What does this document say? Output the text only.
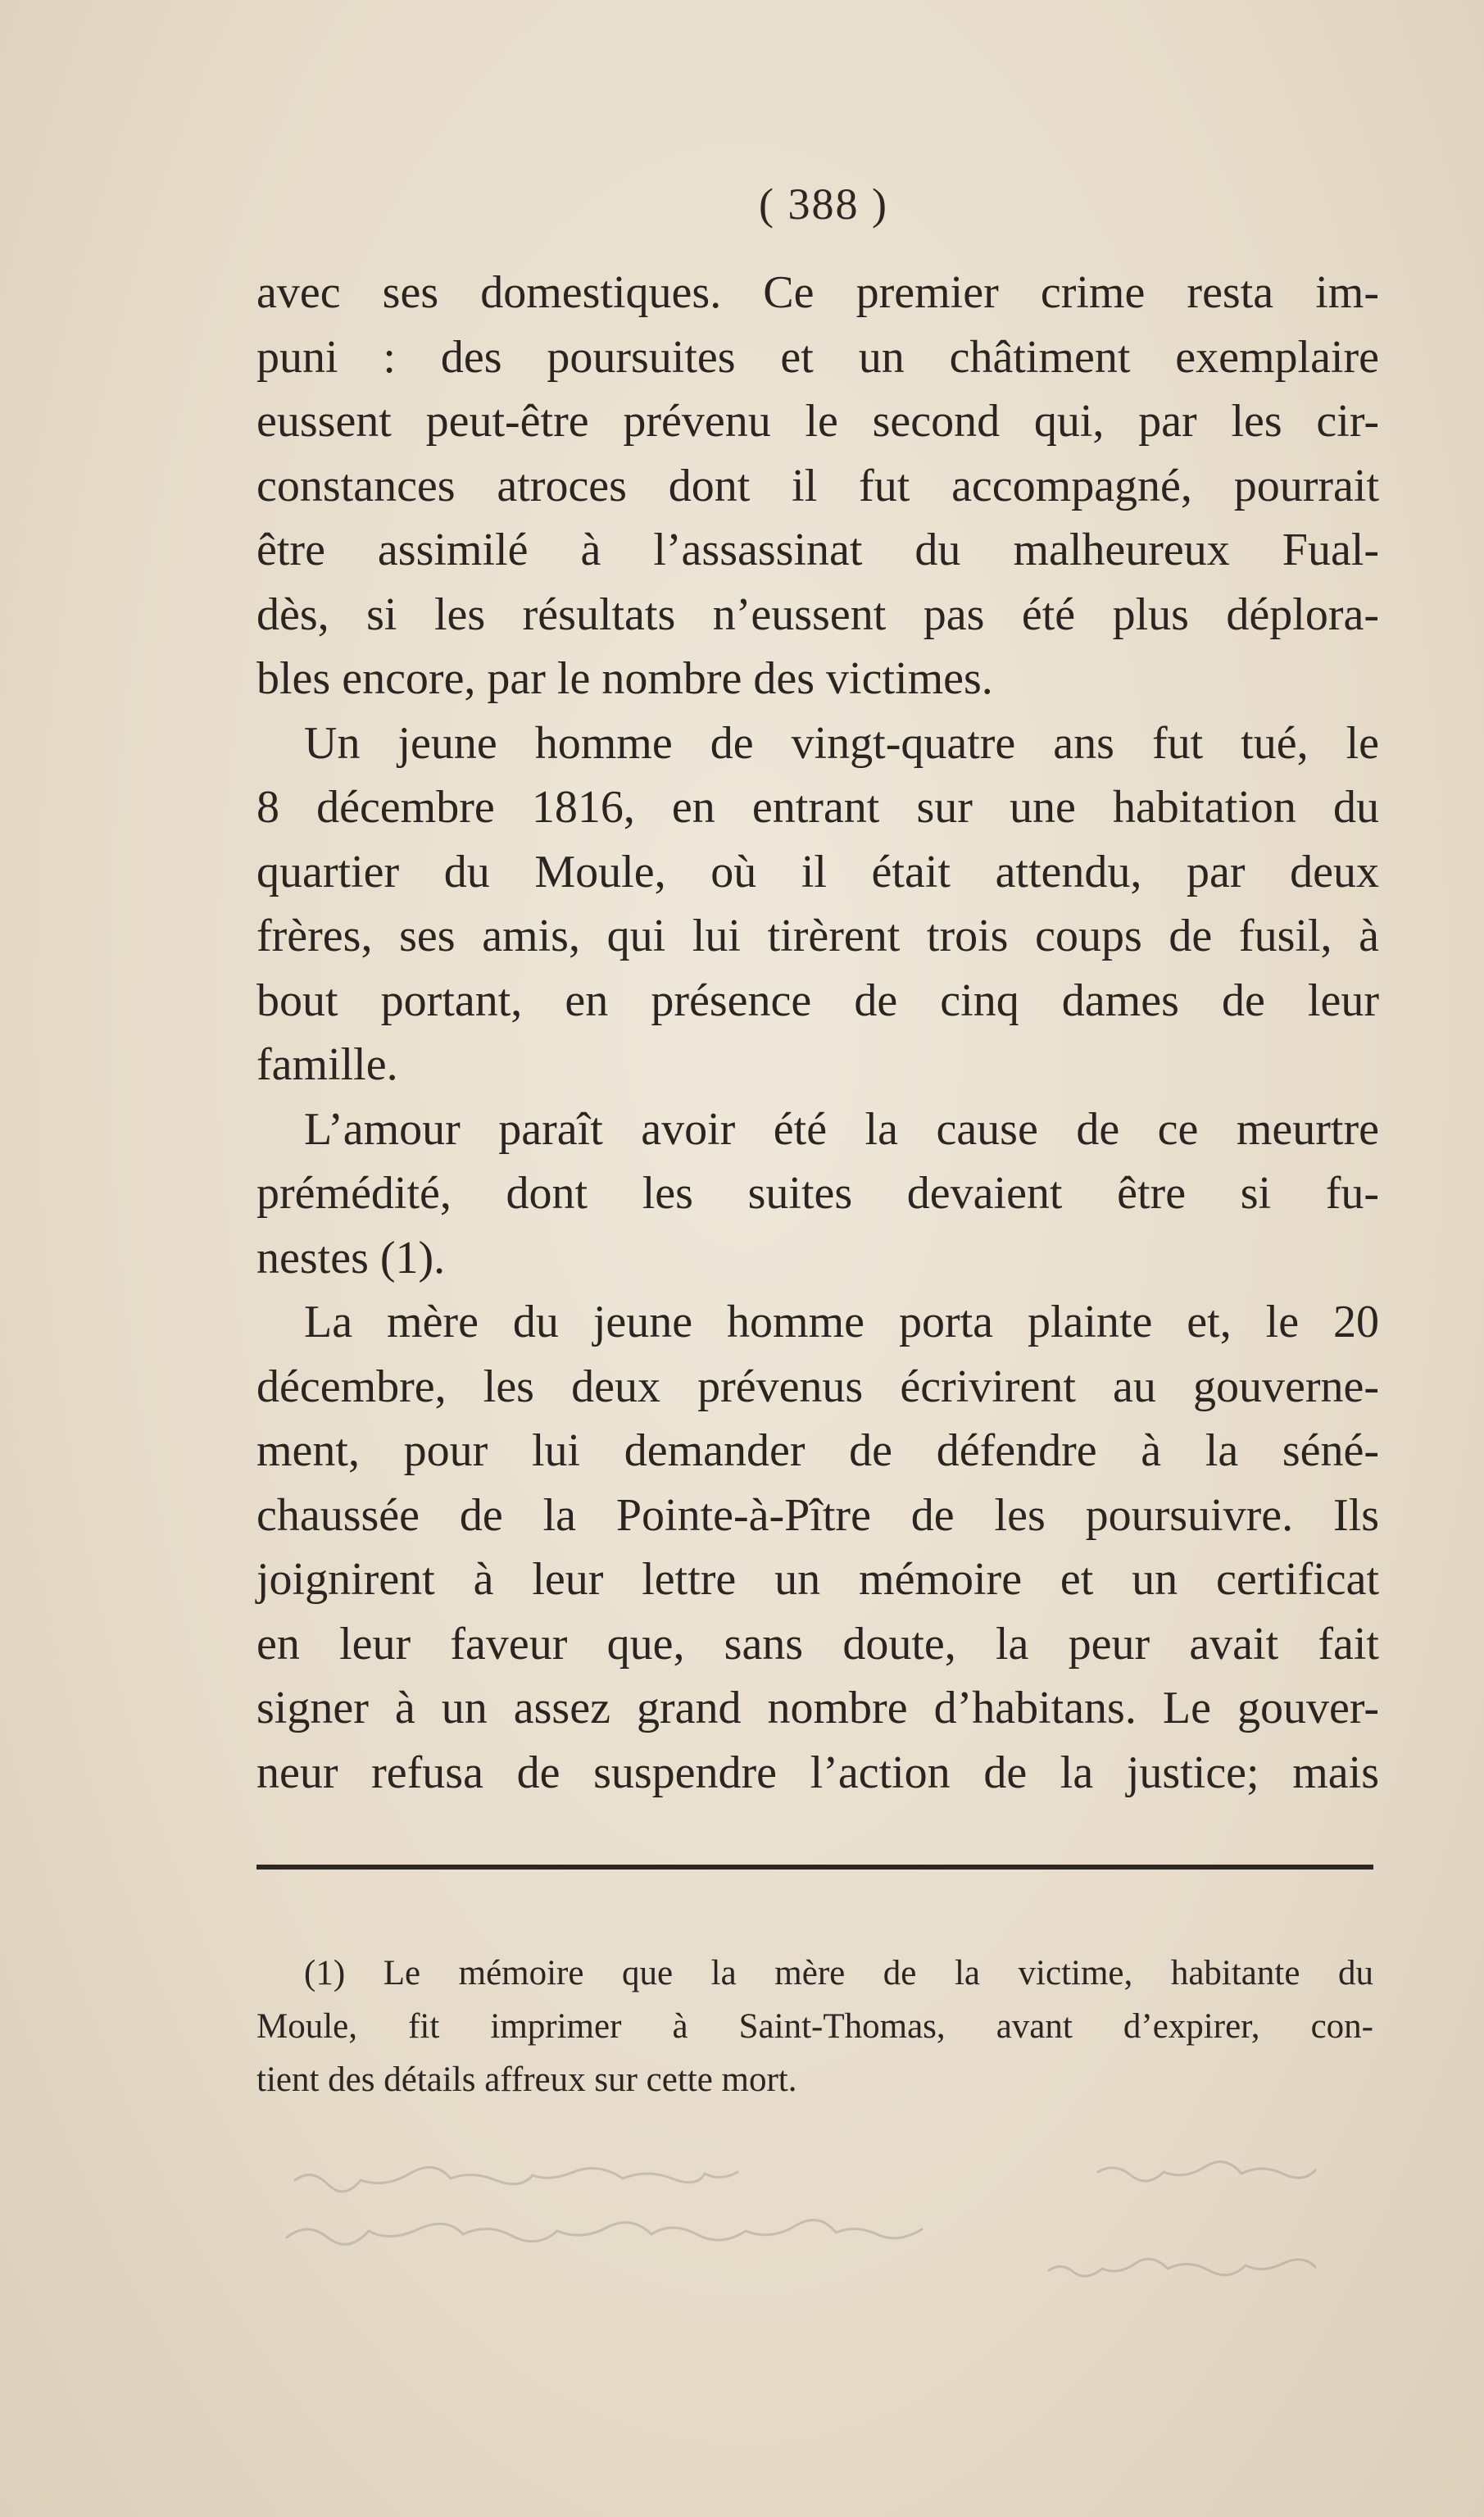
( 388 )
avec ses domestiques. Ce premier crime resta im-
puni : des poursuites et un châtiment exemplaire
eussent peut-être prévenu le second qui, par les cir-
constances atroces dont il fut accompagné, pourrait
être assimilé à l’assassinat du malheureux Fual-
dès, si les résultats n’eussent pas été plus déplora-
bles encore, par le nombre des victimes.
Un jeune homme de vingt-quatre ans fut tué, le
8 décembre 1816, en entrant sur une habitation du
quartier du Moule, où il était attendu, par deux
frères, ses amis, qui lui tirèrent trois coups de fusil, à
bout portant, en présence de cinq dames de leur
famille.
L’amour paraît avoir été la cause de ce meurtre
prémédité, dont les suites devaient être si fu-
nestes (1).
La mère du jeune homme porta plainte et, le 20
décembre, les deux prévenus écrivirent au gouverne-
ment, pour lui demander de défendre à la séné-
chaussée de la Pointe-à-Pître de les poursuivre. Ils
joignirent à leur lettre un mémoire et un certificat
en leur faveur que, sans doute, la peur avait fait
signer à un assez grand nombre d’habitans. Le gouver-
neur refusa de suspendre l’action de la justice; mais
(1) Le mémoire que la mère de la victime, habitante du
Moule, fit imprimer à Saint-Thomas, avant d’expirer, con-
tient des détails affreux sur cette mort.
